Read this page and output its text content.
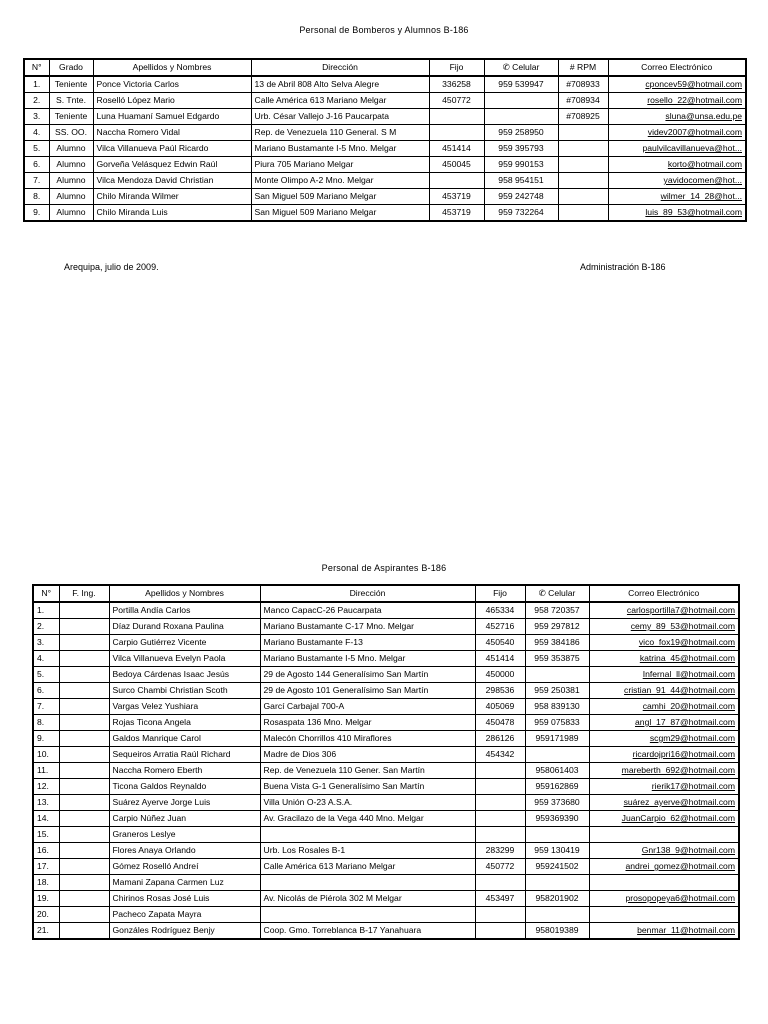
Personal de Bomberos y Alumnos B-186
N°	Grado	Apellidos y Nombres	Dirección	Fijo	✆ Celular	# RPM	Correo Electrónico
1.	Teniente	Ponce Victoria Carlos	13 de Abril 808 Alto Selva Alegre	336258	959 539947	#708933	cponcev59@hotmail.com
2.	S. Tnte.	Roselló López Mario	Calle América 613 Mariano Melgar	450772		#708934	rosello_22@hotmail.com
3.	Teniente	Luna Huamaní Samuel Edgardo	Urb. César Vallejo J-16 Paucarpata			#708925	sluna@unsa.edu.pe
4.	SS. OO.	Naccha Romero Vidal	Rep. de Venezuela 110 General. S M		959 258950		videv2007@hotmail.com
5.	Alumno	Vilca Villanueva Paúl Ricardo	Mariano Bustamante I-5 Mno. Melgar	451414	959 395793		paulvilcavillanueva@hot...
6.	Alumno	Gorveña Velásquez Edwin Raúl	Piura 705 Mariano Melgar	450045	959 990153		korto@hotmail.com
7.	Alumno	Vilca Mendoza David Christian	Monte Olimpo A-2 Mno. Melgar		958 954151		yavidocomen@hot...
8.	Alumno	Chilo Miranda Wilmer	San Miguel 509 Mariano Melgar	453719	959 242748		wilmer_14_28@hot...
9.	Alumno	Chilo Miranda Luis	San Miguel 509 Mariano Melgar	453719	959 732264		luis_89_53@hotmail.com
Arequipa, julio de 2009.	Administración B-186
Personal de Aspirantes B-186
N°	F. Ing.	Apellidos y Nombres	Dirección	Fijo	✆ Celular	Correo Electrónico
1.		Portilla Andía Carlos	Manco CapacC-26 Paucarpata	465334	958 720357	carlosportilla7@hotmail.com
2.		Díaz Durand Roxana Paulina	Mariano Bustamante C-17 Mno. Melgar	452716	959 297812	cemy_89_53@hotmail.com
3.		Carpio Gutiérrez Vicente	Mariano Bustamante F-13	450540	959 384186	vico_fox19@hotmail.com
4.		Vilca Villanueva Evelyn Paola	Mariano Bustamante I-5 Mno. Melgar	451414	959 353875	katrina_45@hotmail.com
5.		Bedoya Cárdenas Isaac Jesús	29 de Agosto 144 Generalísimo San Martín	450000		Infernal_ll@hotmail.com
6.		Surco Chambi Christian Scoth	29 de Agosto 101 Generalísimo San Martín	298536	959 250381	cristian_91_44@hotmail.com
7.		Vargas Velez Yushiara	Garcí Carbajal 700-A	405069	958 839130	camhi_20@hotmail.com
8.		Rojas Ticona Angela	Rosaspata 136 Mno. Melgar	450478	959 075833	angl_17_87@hotmail.com
9.		Galdos Manrique Carol	Malecón Chorrillos 410 Miraflores	286126	959171989	scgm29@hotmail.com
10.		Sequeiros Arratia Raúl Richard	Madre de Dios 306	454342		ricardojpri16@hotmail.com
11.		Naccha Romero Eberth	Rep. de Venezuela 110 Gener. San Martín		958061403	mareberth_692@hotmail.com
12.		Ticona Galdos Reynaldo	Buena Vista G-1 Generalísimo San Martín		959162869	rierik17@hotmail.com
13.		Suárez Ayerve Jorge Luis	Villa Unión O-23 A.S.A.		959 373680	suárez_ayerve@hotmail.com
14.		Carpio Núñez Juan	Av. Gracilazo de la Vega 440 Mno. Melgar		959369390	JuanCarpio_62@hotmail.com
15.		Graneros Leslye				
16.		Flores Anaya Orlando	Urb. Los Rosales B-1	283299	959 130419	Gnr138_9@hotmail.com
17.		Gómez Roselló Andreí	Calle América 613 Mariano Melgar	450772	959241502	andrei_gomez@hotmail.com
18.		Mamani Zapana Carmen Luz				
19.		Chirinos Rosas José Luis	Av. Nicolás de Piérola 302 M Melgar	453497	958201902	prosopopeya6@hotmail.com
20.		Pacheco Zapata Mayra				
21.		Gonzáles Rodríguez Benjy	Coop. Gmo. Torreblanca B-17 Yanahuara		958019389	benmar_11@hotmail.com
